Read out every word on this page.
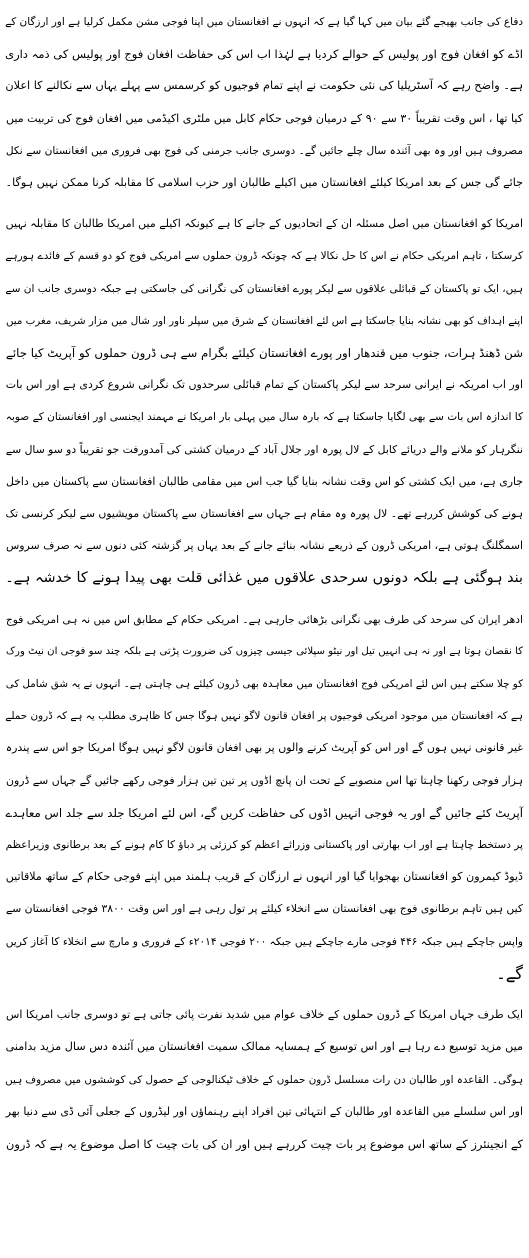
دفاع کی جانب بھیجے گئے بیان میں کہا گیا ہے کہ انہوں نے افغانستان میں اپنا فوجی مشن مکمل کرلیا ہے اور ارزگان کے

اڈے کو افغان فوج اور پولیس کے حوالے کردیا ہے لہٰذا اب اس کی حفاظت افغان فوج اور پولیس کی ذمہ داری

ہے۔ واضح رہے کہ آسٹریلیا کی نئی حکومت نے اپنے تمام فوجیوں کو کرسمس سے پہلے یہاں سے نکالنے کا اعلان

کیا تھا ، اس وقت تقریباً ۳۰ سے ۹۰ کے درمیان فوجی حکام کابل میں ملٹری اکیڈمی میں افغان فوج کی تربیت میں

مصروف ہیں اور وہ بھی آئندہ سال چلے جائیں گے۔ دوسری جانب جرمنی کی فوج بھی فروری میں افغانستان سے نکل

جائے گی جس کے بعد امریکا کیلئے افغانستان میں اکیلے طالبان اور حزب اسلامی کا مقابلہ کرنا ممکن نہیں ہوگا۔

امریکا کو افغانستان میں اصل مسئلہ ان کے اتحادیوں کے جانے کا ہے کیونکہ اکیلے میں امریکا طالبان کا مقابلہ نہیں

کرسکتا ، تاہم امریکی حکام نے اس کا حل نکالا ہے کہ چونکہ ڈرون حملوں سے امریکی فوج کو دو قسم کے فائدے ہورہے

ہیں، ایک تو پاکستان کے قبائلی علاقوں سے لیکر پورے افغانستان کی نگرانی کی جاسکتی ہے جبکہ دوسری جانب ان سے

اپنے اہداف کو بھی نشانہ بنایا جاسکتا ہے اس لئے افغانستان کے شرق میں سپلر ناور اور شال میں مزار شریف، مغرب میں

شن ڈھنڈ ہرات، جنوب میں قندھار اور پورے افغانستان کیلئے بگرام سے ہی ڈرون حملوں کو آپریٹ کیا جائے

اور اب امریکہ نے ایرانی سرحد سے لیکر پاکستان کے تمام قبائلی سرحدوں تک نگرانی شروع کردی ہے اور اس بات

کا اندازہ اس بات سے بھی لگایا جاسکتا ہے کہ بارہ سال میں پہلی بار امریکا نے مہمند ایجنسی اور افغانستان کے صوبہ

ننگرہار کو ملانے والے دریائے کابل کے لال پورہ اور جلال آباد کے درمیان کشتی کی آمدورفت جو تقریباً دو سو سال سے

جاری ہے، میں ایک کشتی کو اس وقت نشانہ بنایا گیا جب اس میں مقامی طالبان افغانستان سے پاکستان میں داخل

ہونے کی کوشش کررہے تھے۔ لال پورہ وہ مقام ہے جہاں سے افغانستان سے پاکستان مویشیوں سے لیکر کرنسی تک

اسمگلنگ ہوتی ہے، امریکی ڈرون کے ذریعے نشانہ بنائے جانے کے بعد یہاں پر گزشتہ کئی دنوں سے نہ صرف سروس

بند ہوگئی ہے بلکہ دونوں سرحدی علاقوں میں غذائی قلت بھی پیدا ہونے کا خدشہ ہے۔

ادھر ایران کی سرحد کی طرف بھی نگرانی بڑھائی جارہی ہے۔ امریکی حکام کے مطابق اس میں نہ ہی امریکی فوج

کا نقصان ہوتا ہے اور نہ ہی انہیں تیل اور نیٹو سپلائی جیسی چیزوں کی ضرورت پڑتی ہے بلکہ چند سو فوجی ان نیٹ ورک

کو چلا سکتے ہیں اس لئے امریکی فوج افغانستان میں معاہدہ بھی ڈرون کیلئے ہی چاہتی ہے۔ انہوں نے یہ شق شامل کی

ہے کہ افغانستان میں موجود امریکی فوجیوں پر افغان قانون لاگو نہیں ہوگا جس کا ظاہری مطلب یہ ہے کہ ڈرون حملے

غیر قانونی نہیں ہوں گے اور اس کو آپریٹ کرنے والوں پر بھی افغان قانون لاگو نہیں ہوگا امریکا جو اس سے پندرہ

ہزار فوجی رکھنا چاہتا تھا اس منصوبے کے تحت ان پانچ اڈوں پر تین تین ہزار فوجی رکھے جائیں گے جہاں سے ڈرون

آپریٹ کئے جائیں گے اور یہ فوجی انہیں اڈوں کی حفاظت کریں گے، اس لئے امریکا جلد سے جلد اس معاہدے

پر دستخط چاہتا ہے اور اب بھارتی اور پاکستانی وزرائے اعظم کو کرزئی پر دباؤ کا کام ہونے کے بعد برطانوی وزیراعظم

ڈیوڈ کیمرون کو افغانستان بھجوایا گیا اور انہوں نے ارزگان کے قریب ہلمند میں اپنے فوجی حکام کے ساتھ ملاقاتیں

کیں ہیں تاہم برطانوی فوج بھی افغانستان سے انخلاء کیلئے پر تول رہی ہے اور اس وقت ۳۸۰۰ فوجی افغانستان سے

واپس جاچکے ہیں جبکہ ۴۴۶ فوجی مارے جاچکے ہیں جبکہ ۲۰۰ فوجی ۲۰۱۴ء کے فروری و مارچ سے انخلاء کا آغاز کریں

گے۔

ایک طرف جہاں امریکا کے ڈرون حملوں کے خلاف عوام میں شدید نفرت پائی جاتی ہے تو دوسری جانب امریکا اس

میں مزید توسیع دے رہا ہے اور اس توسیع کے ہمسایہ ممالک سمیت افغانستان میں آئندہ دس سال مزید بدامنی

ہوگی۔ القاعدہ اور طالبان دن رات مسلسل ڈرون حملوں کے خلاف ٹیکنالوجی کے حصول کی کوششوں میں مصروف ہیں

اور اس سلسلے میں القاعدہ اور طالبان کے انتہائی تین افراد اپنے رہنماؤں اور لیڈروں کے جعلی آئی ڈی سے دنیا بھر

کے انجینئرز کے ساتھ اس موضوع پر بات چیت کررہے ہیں اور ان کی بات چیت کا اصل موضوع یہ ہے کہ ڈرون
